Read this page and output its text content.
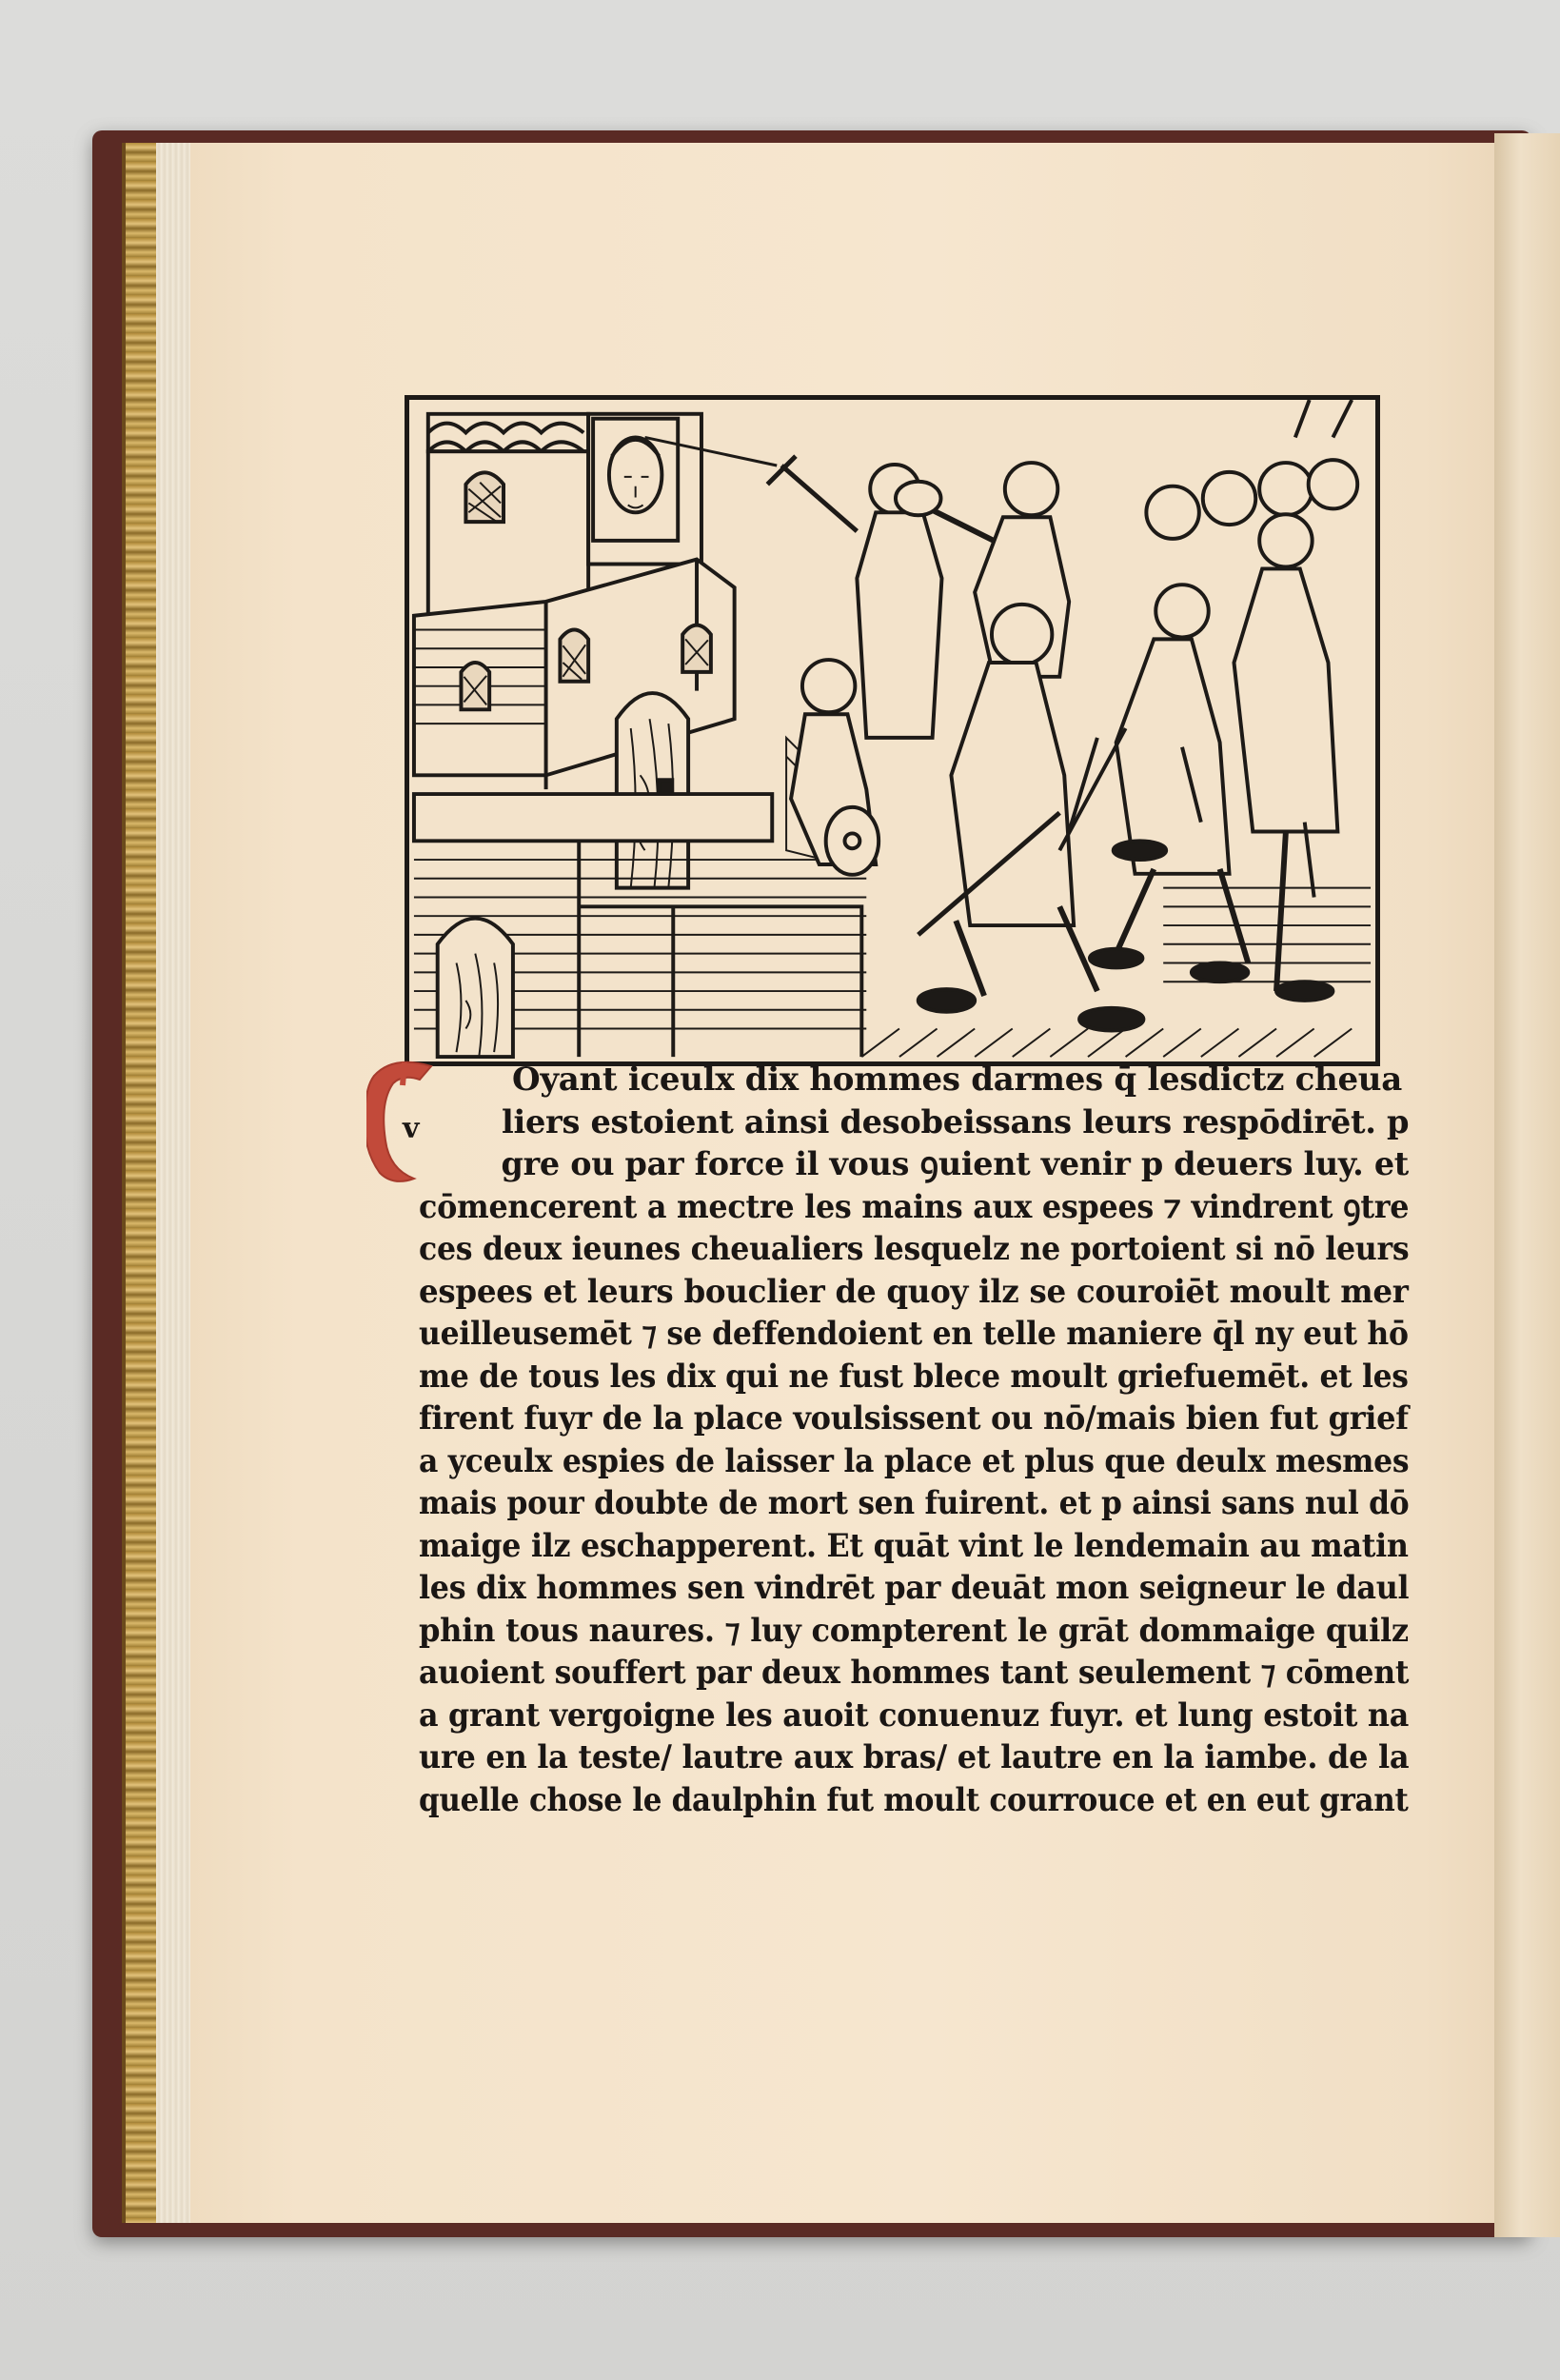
v
Oyant iceulx dix hommes darmes q̄ lesdictz cheua
liers estoient ainsi desobeissans leurs respōdirēt. p
gre ou par force il vous ꝯuient venir p deuers luy. et
cōmencerent a mectre les mains aux espees ⁊ vindrent ꝯtre
ces deux ieunes cheualiers lesquelz ne portoient si nō leurs
espees et leurs bouclier de quoy ilz se couroiēt moult mer
ueilleusemēt ⁊ se deffendoient en telle maniere q̄l ny eut hō
me de tous les dix qui ne fust blece moult griefuemēt. et les
firent fuyr de la place voulsissent ou nō/mais bien fut grief
a yceulx espies de laisser la place et plus que deulx mesmes
mais pour doubte de mort sen fuirent. et p ainsi sans nul dō
maige ilz eschapperent. Et quāt vint le lendemain au matin
les dix hommes sen vindrēt par deuāt mon seigneur le daul
phin tous naures. ⁊ luy compterent le grāt dommaige quilz
auoient souffert par deux hommes tant seulement ⁊ cōment
a grant vergoigne les auoit conuenuz fuyr. et lung estoit na
ure en la teste/ lautre aux bras/ et lautre en la iambe. de la
quelle chose le daulphin fut moult courrouce et en eut grant
